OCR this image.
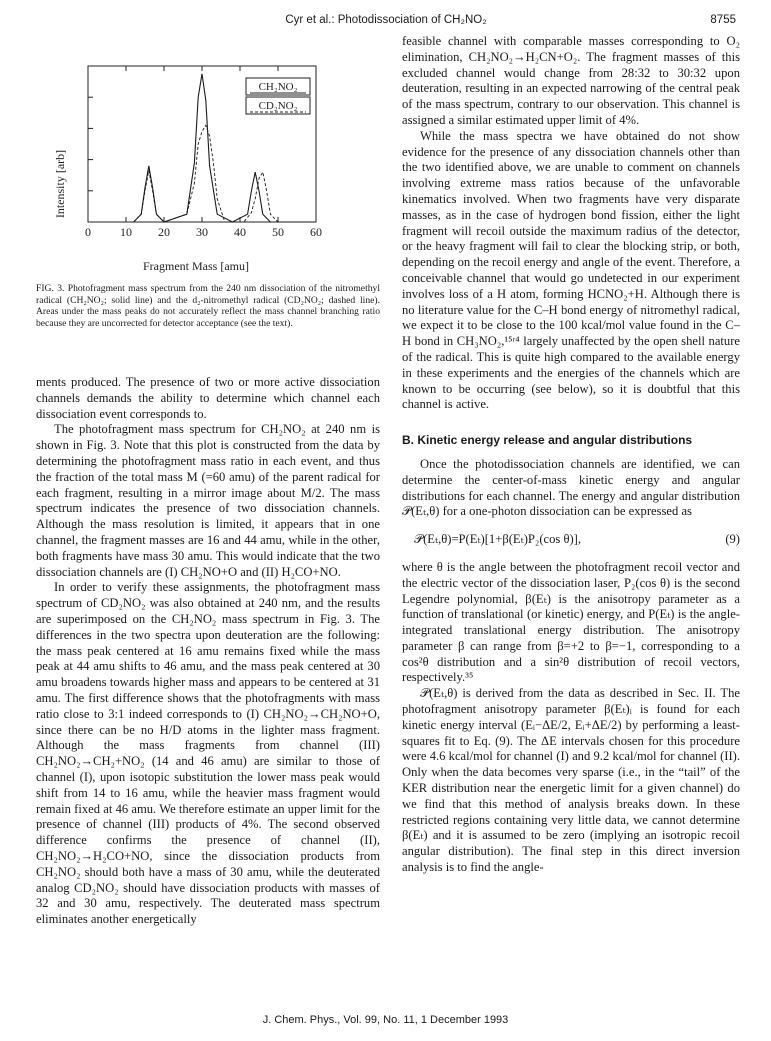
Cyr et al.: Photodissociation of CH₂NO₂	8755
0 10 20 30 40 50 60
CH₂NO₂
CD₂NO₂
Intensity [arb]
Fragment Mass [amu]
FIG. 3. Photofragment mass spectrum from the 240 nm dissociation of the nitromethyl radical (CH₂NO₂; solid line) and the d₂-nitromethyl radical (CD₂NO₂; dashed line). Areas under the mass peaks do not accurately reflect the mass channel branching ratio because they are uncorrected for detector acceptance (see the text).

ments produced. The presence of two or more active dissociation channels demands the ability to determine which channel each dissociation event corresponds to.

The photofragment mass spectrum for CH₂NO₂ at 240 nm is shown in Fig. 3. Note that this plot is constructed from the data by determining the photofragment mass ratio in each event, and thus the fraction of the total mass M (=60 amu) of the parent radical for each fragment, resulting in a mirror image about M/2. The mass spectrum indicates the presence of two dissociation channels. Although the mass resolution is limited, it appears that in one channel, the fragment masses are 16 and 44 amu, while in the other, both fragments have mass 30 amu. This would indicate that the two dissociation channels are (I) CH₂NO+O and (II) H₂CO+NO.

In order to verify these assignments, the photofragment mass spectrum of CD₂NO₂ was also obtained at 240 nm, and the results are superimposed on the CH₂NO₂ mass spectrum in Fig. 3. The differences in the two spectra upon deuteration are the following: the mass peak centered at 16 amu remains fixed while the mass peak at 44 amu shifts to 46 amu, and the mass peak centered at 30 amu broadens towards higher mass and appears to be centered at 31 amu. The first difference shows that the photofragments with mass ratio close to 3:1 indeed corresponds to (I) CH₂NO₂→CH₂NO+O, since there can be no H/D atoms in the lighter mass fragment. Although the mass fragments from channel (III) CH₂NO₂→CH₂+NO₂ (14 and 46 amu) are similar to those of channel (I), upon isotopic substitution the lower mass peak would shift from 14 to 16 amu, while the heavier mass fragment would remain fixed at 46 amu. We therefore estimate an upper limit for the presence of channel (III) products of 4%. The second observed difference confirms the presence of channel (II), CH₂NO₂→H₂CO+NO, since the dissociation products from CH₂NO₂ should both have a mass of 30 amu, while the deuterated analog CD₂NO₂ should have dissociation products with masses of 32 and 30 amu, respectively. The deuterated mass spectrum eliminates another energetically

feasible channel with comparable masses corresponding to O₂ elimination, CH₂NO₂→H₂CN+O₂. The fragment masses of this excluded channel would change from 28:32 to 30:32 upon deuteration, resulting in an expected narrowing of the central peak of the mass spectrum, contrary to our observation. This channel is assigned a similar estimated upper limit of 4%.

While the mass spectra we have obtained do not show evidence for the presence of any dissociation channels other than the two identified above, we are unable to comment on channels involving extreme mass ratios because of the unfavorable kinematics involved. When two fragments have very disparate masses, as in the case of hydrogen bond fission, either the light fragment will recoil outside the maximum radius of the detector, or the heavy fragment will fail to clear the blocking strip, or both, depending on the recoil energy and angle of the event. Therefore, a conceivable channel that would go undetected in our experiment involves loss of a H atom, forming HCNO₂+H. Although there is no literature value for the C–H bond energy of nitromethyl radical, we expect it to be close to the 100 kcal/mol value found in the C–H bond in CH₃NO₂,¹⁵ʳ⁴ largely unaffected by the open shell nature of the radical. This is quite high compared to the available energy in these experiments and the energies of the channels which are known to be occurring (see below), so it is doubtful that this channel is active.

B. Kinetic energy release and angular distributions

Once the photodissociation channels are identified, we can determine the center-of-mass kinetic energy and angular distributions for each channel. The energy and angular distribution 𝒫(Eₜ,θ) for a one-photon dissociation can be expressed as

𝒫(Eₜ,θ)=P(Eₜ)[1+β(Eₜ)P₂(cos θ)],	(9)

where θ is the angle between the photofragment recoil vector and the electric vector of the dissociation laser, P₂(cos θ) is the second Legendre polynomial, β(Eₜ) is the anisotropy parameter as a function of translational (or kinetic) energy, and P(Eₜ) is the angle-integrated translational energy distribution. The anisotropy parameter β can range from β=+2 to β=−1, corresponding to a cos²θ distribution and a sin²θ distribution of recoil vectors, respectively.³⁵

𝒫(Eₜ,θ) is derived from the data as described in Sec. II. The photofragment anisotropy parameter β(Eₜ)ᵢ is found for each kinetic energy interval (Eᵢ−ΔE/2, Eᵢ+ΔE/2) by performing a least-squares fit to Eq. (9). The ΔE intervals chosen for this procedure were 4.6 kcal/mol for channel (I) and 9.2 kcal/mol for channel (II). Only when the data becomes very sparse (i.e., in the “tail” of the KER distribution near the energetic limit for a given channel) do we find that this method of analysis breaks down. In these restricted regions containing very little data, we cannot determine β(Eₜ) and it is assumed to be zero (implying an isotropic recoil angular distribution). The final step in this direct inversion analysis is to find the angle-

J. Chem. Phys., Vol. 99, No. 11, 1 December 1993
